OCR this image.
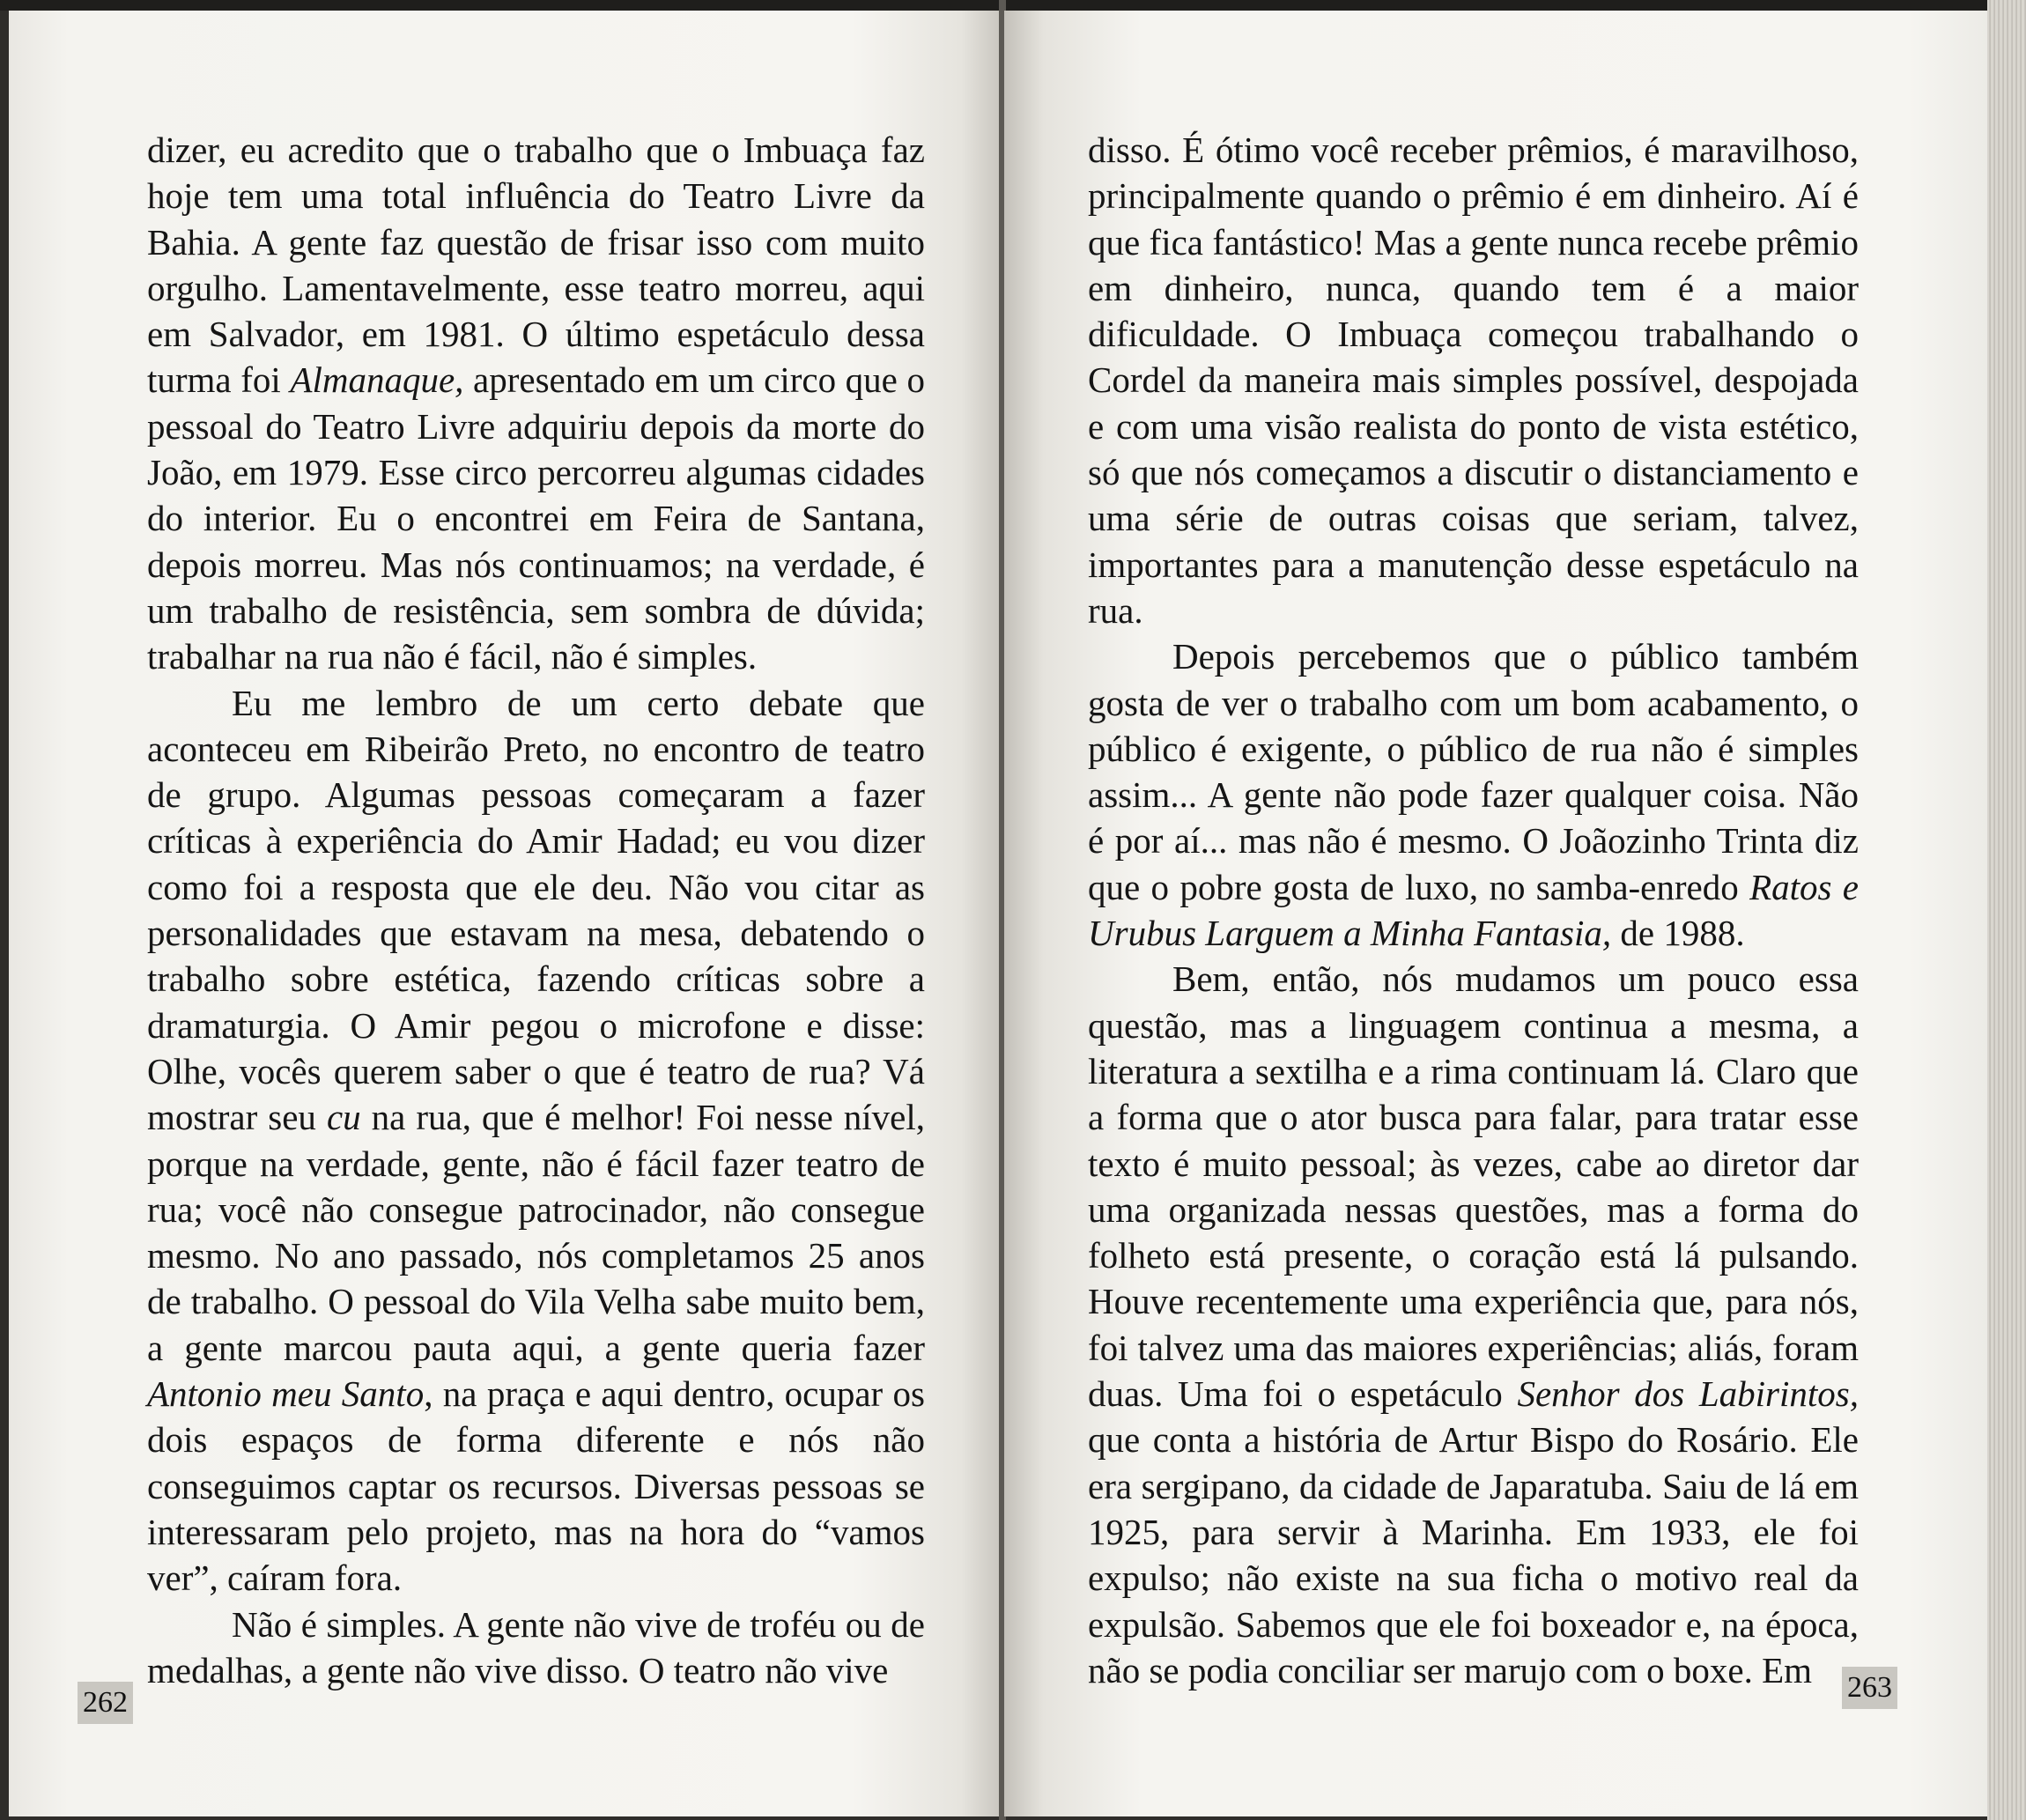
dizer, eu acredito que o trabalho que o Imbuaça faz hoje tem uma total influência do Teatro Livre da Bahia. A gente faz questão de frisar isso com muito orgulho. Lamentavelmente, esse teatro morreu, aqui em Salvador, em 1981. O último espetáculo dessa turma foi Almanaque, apresentado em um circo que o pessoal do Teatro Livre adquiriu depois da morte do João, em 1979. Esse circo percorreu algumas cidades do interior. Eu o encontrei em Feira de Santana, depois morreu. Mas nós continuamos; na verdade, é um trabalho de resistência, sem sombra de dúvida; trabalhar na rua não é fácil, não é simples.

Eu me lembro de um certo debate que aconteceu em Ribeirão Preto, no encontro de teatro de grupo. Algumas pessoas começaram a fazer críticas à experiência do Amir Hadad; eu vou dizer como foi a resposta que ele deu. Não vou citar as personalidades que estavam na mesa, debatendo o trabalho sobre estética, fazendo críticas sobre a dramaturgia. O Amir pegou o microfone e disse: Olhe, vocês querem saber o que é teatro de rua? Vá mostrar seu cu na rua, que é melhor! Foi nesse nível, porque na verdade, gente, não é fácil fazer teatro de rua; você não consegue patrocinador, não consegue mesmo. No ano passado, nós completamos 25 anos de trabalho. O pessoal do Vila Velha sabe muito bem, a gente marcou pauta aqui, a gente queria fazer Antonio meu Santo, na praça e aqui dentro, ocupar os dois espaços de forma diferente e nós não conseguimos captar os recursos. Diversas pessoas se interessaram pelo projeto, mas na hora do “vamos ver”, caíram fora.

Não é simples. A gente não vive de troféu ou de medalhas, a gente não vive disso. O teatro não vive

262

disso. É ótimo você receber prêmios, é maravilhoso, principalmente quando o prêmio é em dinheiro. Aí é que fica fantástico! Mas a gente nunca recebe prêmio em dinheiro, nunca, quando tem é a maior dificuldade. O Imbuaça começou trabalhando o Cordel da maneira mais simples possível, despojada e com uma visão realista do ponto de vista estético, só que nós começamos a discutir o distanciamento e uma série de outras coisas que seriam, talvez, importantes para a manutenção desse espetáculo na rua.

Depois percebemos que o público também gosta de ver o trabalho com um bom acabamento, o público é exigente, o público de rua não é simples assim... A gente não pode fazer qualquer coisa. Não é por aí... mas não é mesmo. O Joãozinho Trinta diz que o pobre gosta de luxo, no samba-enredo Ratos e Urubus Larguem a Minha Fantasia, de 1988.

Bem, então, nós mudamos um pouco essa questão, mas a linguagem continua a mesma, a literatura a sextilha e a rima continuam lá. Claro que a forma que o ator busca para falar, para tratar esse texto é muito pessoal; às vezes, cabe ao diretor dar uma organizada nessas questões, mas a forma do folheto está presente, o coração está lá pulsando. Houve recentemente uma experiência que, para nós, foi talvez uma das maiores experiências; aliás, foram duas. Uma foi o espetáculo Senhor dos Labirintos, que conta a história de Artur Bispo do Rosário. Ele era sergipano, da cidade de Japaratuba. Saiu de lá em 1925, para servir à Marinha. Em 1933, ele foi expulso; não existe na sua ficha o motivo real da expulsão. Sabemos que ele foi boxeador e, na época, não se podia conciliar ser marujo com o boxe. Em	263
